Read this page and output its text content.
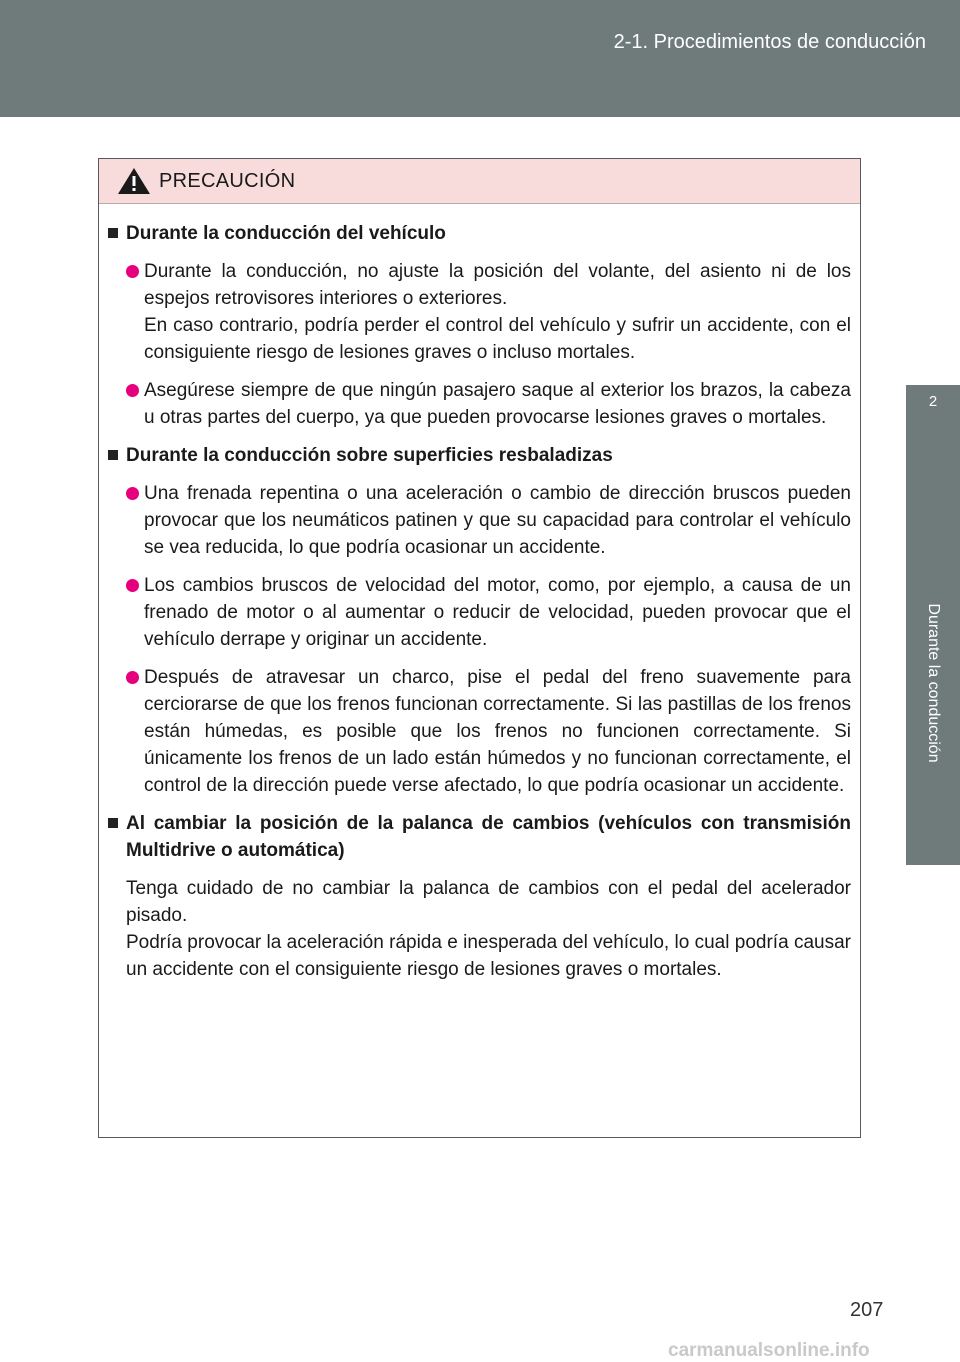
2-1. Procedimientos de conducción
2
Durante la conducción
PRECAUCIÓN
Durante la conducción del vehículo

Durante la conducción, no ajuste la posición del volante, del asiento ni de los espejos retrovisores interiores o exteriores.

En caso contrario, podría perder el control del vehículo y sufrir un accidente, con el consiguiente riesgo de lesiones graves o incluso mortales.

Asegúrese siempre de que ningún pasajero saque al exterior los brazos, la cabeza u otras partes del cuerpo, ya que pueden provocarse lesiones graves o mortales.

Durante la conducción sobre superficies resbaladizas

Una frenada repentina o una aceleración o cambio de dirección bruscos pueden provocar que los neumáticos patinen y que su capacidad para controlar el vehículo se vea reducida, lo que podría ocasionar un accidente.

Los cambios bruscos de velocidad del motor, como, por ejemplo, a causa de un frenado de motor o al aumentar o reducir de velocidad, pueden provocar que el vehículo derrape y originar un accidente.

Después de atravesar un charco, pise el pedal del freno suavemente para cerciorarse de que los frenos funcionan correctamente. Si las pastillas de los frenos están húmedas, es posible que los frenos no funcionen correctamente. Si únicamente los frenos de un lado están húmedos y no funcionan correctamente, el control de la dirección puede verse afectado, lo que podría ocasionar un accidente.

Al cambiar la posición de la palanca de cambios (vehículos con transmisión Multidrive o automática)

Tenga cuidado de no cambiar la palanca de cambios con el pedal del acelerador pisado.

Podría provocar la aceleración rápida e inesperada del vehículo, lo cual podría causar un accidente con el consiguiente riesgo de lesiones graves o mortales.

207
carmanualsonline.info
